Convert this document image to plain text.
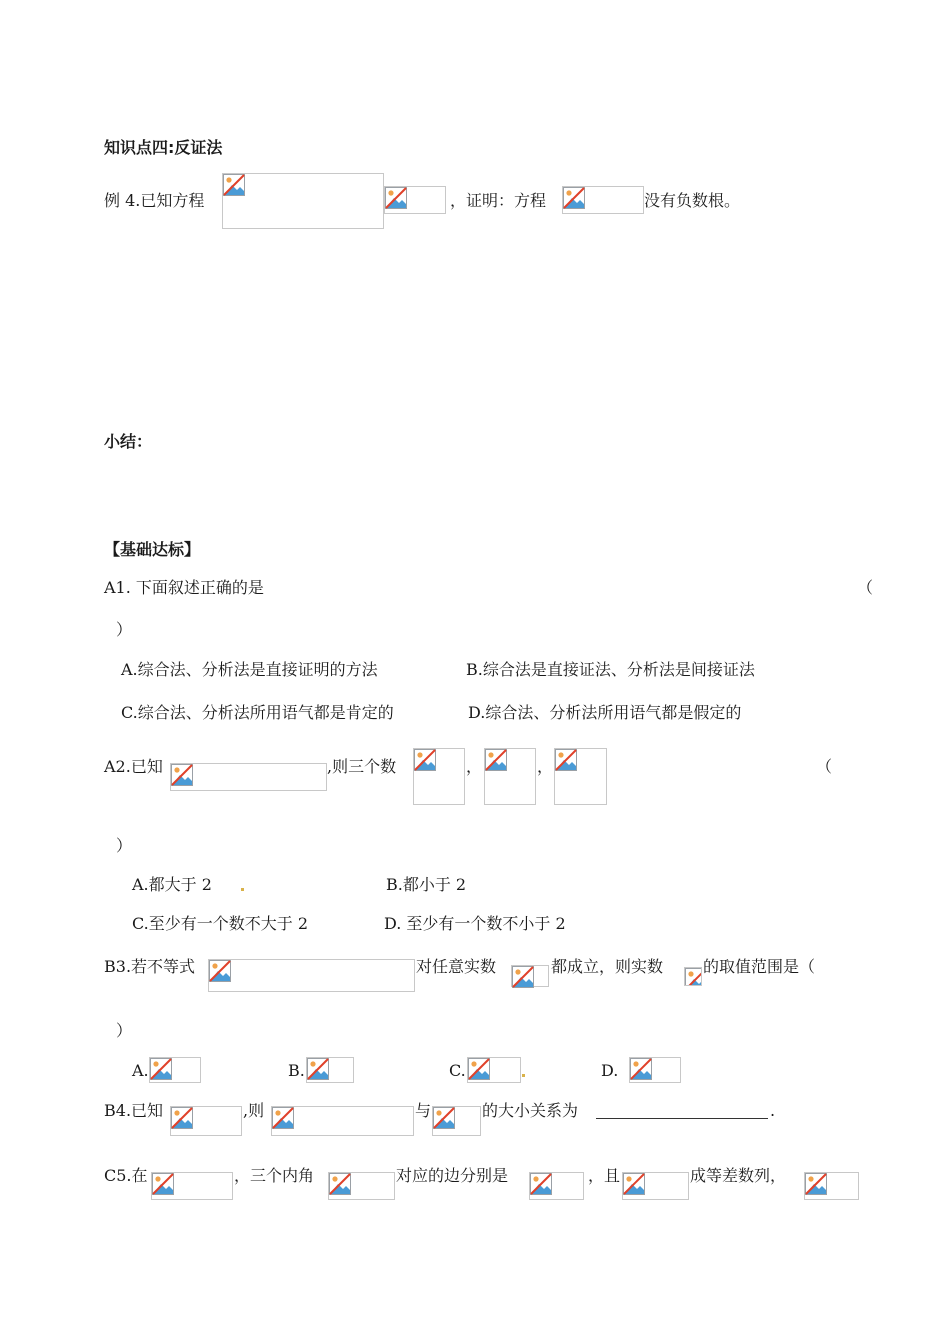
知识点四:反证法
例 4.已知方程	，证明：方程	没有负数根。
小结：
【基础达标】
A1. 下面叙述正确的是	（
）
A.综合法、分析法是直接证明的方法	B.综合法是直接证法、分析法是间接证法
C.综合法、分析法所用语气都是肯定的	D.综合法、分析法所用语气都是假定的
A2.已知	,则三个数	，	，	（
）
A.都大于 2	B.都小于 2
C.至少有一个数不大于 2	D. 至少有一个数不小于 2
B3.若不等式	对任意实数	都成立，则实数 的取值范围是（
）
A.	B.	C.	D.
B4.已知	,则	与	的大小关系为	.
C5.在	，三个内角	对应的边分别是	，且	成等差数列，
